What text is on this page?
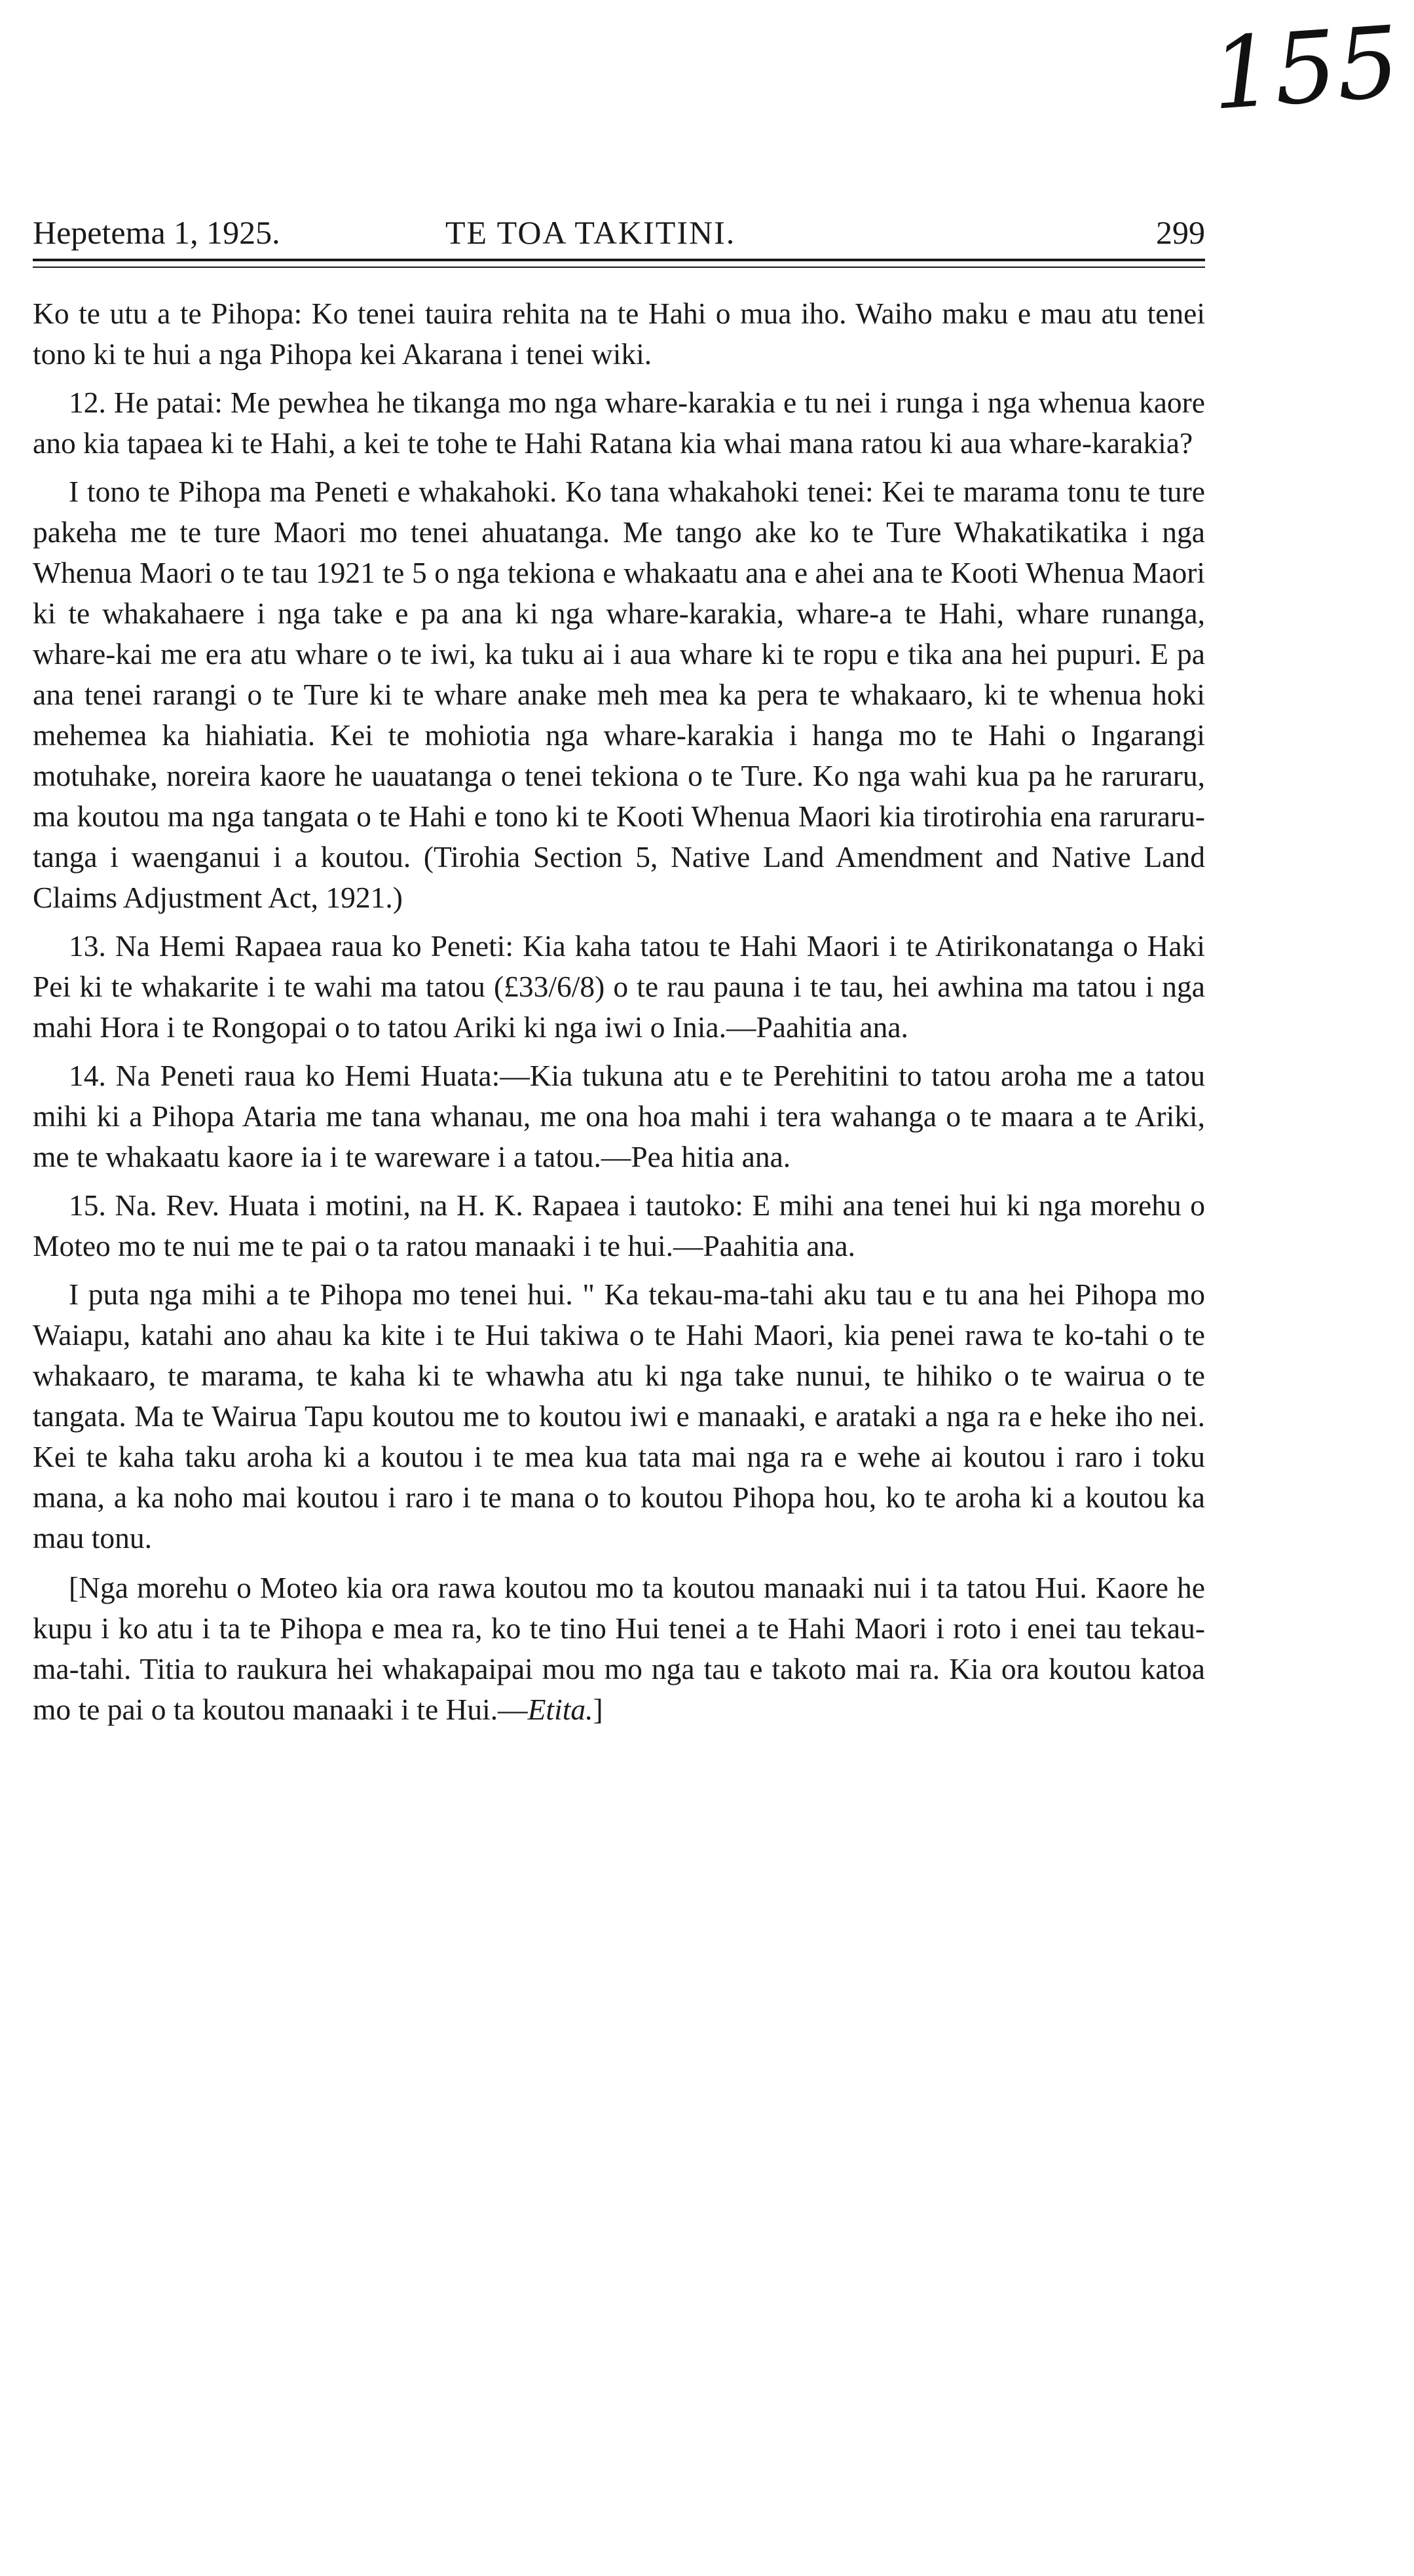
155
Hepetema 1, 1925.	TE TOA TAKITINI.	299

Ko te utu a te Pihopa: Ko tenei tauira rehita na te Hahi o mua iho. Waiho maku e mau atu tenei tono ki te hui a nga Pihopa kei Akarana i tenei wiki.

12. He patai: Me pewhea he tikanga mo nga whare-karakia e tu nei i runga i nga whenua kaore ano kia tapaea ki te Hahi, a kei te tohe te Hahi Ratana kia whai mana ratou ki aua whare-karakia?

I tono te Pihopa ma Peneti e whakahoki. Ko tana whakahoki tenei: Kei te marama tonu te ture pakeha me te ture Maori mo tenei ahuatanga. Me tango ake ko te Ture Whakatikatika i nga Whenua Maori o te tau 1921 te 5 o nga tekiona e whakaatu ana e ahei ana te Kooti Whenua Maori ki te whakahaere i nga take e pa ana ki nga whare-karakia, whare-a te Hahi, whare runanga, whare-kai me era atu whare o te iwi, ka tuku ai i aua whare ki te ropu e tika ana hei pupuri. E pa ana tenei rarangi o te Ture ki te whare anake meh mea ka pera te whakaaro, ki te whenua hoki mehemea ka hiahiatia. Kei te mohiotia nga whare-karakia i hanga mo te Hahi o Ingarangi motuhake, noreira kaore he uauatanga o tenei tekiona o te Ture. Ko nga wahi kua pa he raruraru, ma koutou ma nga tangata o te Hahi e tono ki te Kooti Whenua Maori kia tirotirohia ena raruraru-tanga i waenganui i a koutou. (Tirohia Section 5, Native Land Amendment and Native Land Claims Adjustment Act, 1921.)

13. Na Hemi Rapaea raua ko Peneti: Kia kaha tatou te Hahi Maori i te Atirikonatanga o Haki Pei ki te whakarite i te wahi ma tatou (£33/6/8) o te rau pauna i te tau, hei awhina ma tatou i nga mahi Hora i te Rongopai o to tatou Ariki ki nga iwi o Inia.—Paahitia ana.

14. Na Peneti raua ko Hemi Huata:—Kia tukuna atu e te Perehitini to tatou aroha me a tatou mihi ki a Pihopa Ataria me tana whanau, me ona hoa mahi i tera wahanga o te maara a te Ariki, me te whakaatu kaore ia i te wareware i a tatou.—Pea hitia ana.

15. Na. Rev. Huata i motini, na H. K. Rapaea i tautoko: E mihi ana tenei hui ki nga morehu o Moteo mo te nui me te pai o ta ratou manaaki i te hui.—Paahitia ana.

I puta nga mihi a te Pihopa mo tenei hui. " Ka tekau-ma-tahi aku tau e tu ana hei Pihopa mo Waiapu, katahi ano ahau ka kite i te Hui takiwa o te Hahi Maori, kia penei rawa te ko-tahi o te whakaaro, te marama, te kaha ki te whawha atu ki nga take nunui, te hihiko o te wairua o te tangata. Ma te Wairua Tapu koutou me to koutou iwi e manaaki, e arataki a nga ra e heke iho nei. Kei te kaha taku aroha ki a koutou i te mea kua tata mai nga ra e wehe ai koutou i raro i toku mana, a ka noho mai koutou i raro i te mana o to koutou Pihopa hou, ko te aroha ki a koutou ka mau tonu.

[Nga morehu o Moteo kia ora rawa koutou mo ta koutou manaaki nui i ta tatou Hui. Kaore he kupu i ko atu i ta te Pihopa e mea ra, ko te tino Hui tenei a te Hahi Maori i roto i enei tau tekau-ma-tahi. Titia to raukura hei whakapaipai mou mo nga tau e takoto mai ra. Kia ora koutou katoa mo te pai o ta koutou manaaki i te Hui.—Etita.]
